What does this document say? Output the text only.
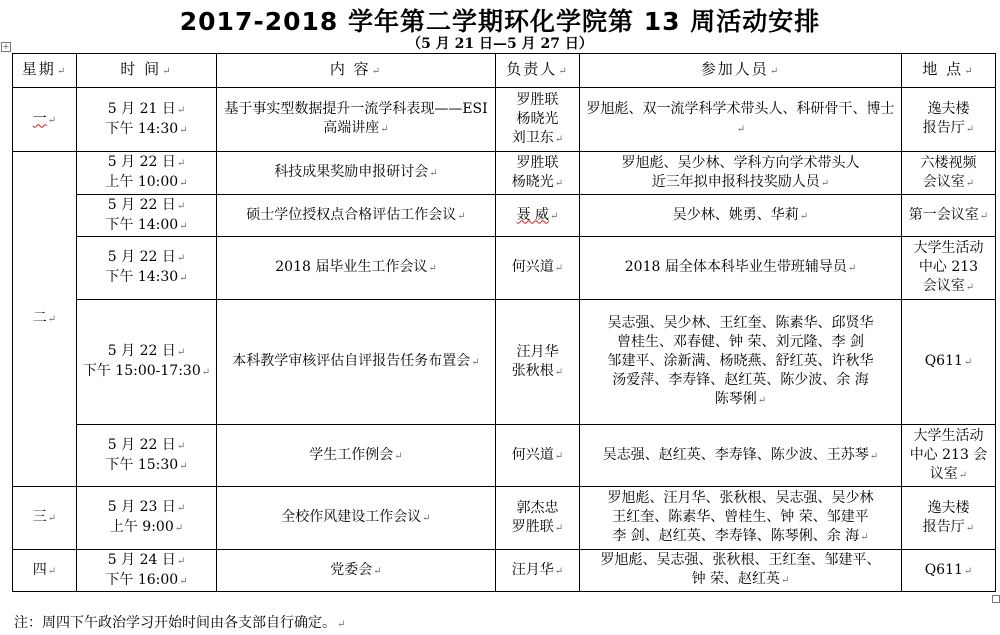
2017-2018 学年第二学期环化学院第 13 周活动安排
（5 月 21 日—5 月 27 日）
+
星期↵	时 间↵	内 容↵	负责人↵	参加人员↵	地 点↵
一↵	5 月 21 日↵
下午 14:30↵	基于事实型数据提升一流学科表现——ESI 高端讲座↵	罗胜联
杨晓光
刘卫东↵	罗旭彪、双一流学科学术带头人、科研骨干、博士↵	逸夫楼
报告厅↵
二↵	5 月 22 日↵
上午 10:00↵	科技成果奖励申报研讨会↵	罗胜联
杨晓光↵	罗旭彪、吴少林、学科方向学术带头人
近三年拟申报科技奖励人员↵	六楼视频
会议室↵
	5 月 22 日↵
下午 14:00↵	硕士学位授权点合格评估工作会议↵	聂 威↵	吴少林、姚勇、华莉↵	第一会议室↵
	5 月 22 日↵
下午 14:30↵	2018 届毕业生工作会议↵	何兴道↵	2018 届全体本科毕业生带班辅导员↵	大学生活动
中心 213
会议室↵
	5 月 22 日↵
下午 15:00-17:30↵	本科教学审核评估自评报告任务布置会↵	汪月华
张秋根↵	吴志强、吴少林、王红奎、陈素华、邱贤华
曾桂生、邓春健、钟 荣、刘元隆、李 剑
邹建平、涂新满、杨晓燕、舒红英、许秋华
汤爱萍、李寿锋、赵红英、陈少波、余 海
陈琴俐↵	Q611↵
	5 月 22 日↵
下午 15:30↵	学生工作例会↵	何兴道↵	吴志强、赵红英、李寿锋、陈少波、王苏琴↵	大学生活动
中心 213 会
议室↵
三↵	5 月 23 日↵
上午 9:00↵	全校作风建设工作会议↵	郭杰忠
罗胜联↵	罗旭彪、汪月华、张秋根、吴志强、吴少林
王红奎、陈素华、曾桂生、钟 荣、邹建平
李 剑、赵红英、李寿锋、陈琴俐、余 海↵	逸夫楼
报告厅↵
四↵	5 月 24 日↵
下午 16:00↵	党委会↵	汪月华↵	罗旭彪、吴志强、张秋根、王红奎、邹建平、
钟 荣、赵红英↵	Q611↵
注：周四下午政治学习开始时间由各支部自行确定。↵
